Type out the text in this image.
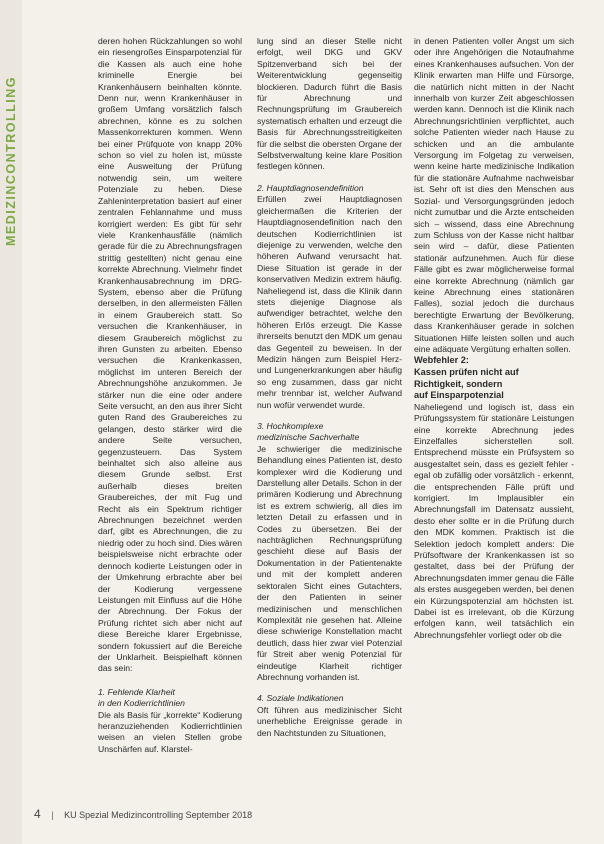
MEDIZINCONTROLLING

deren hohen Rückzahlungen so wohl ein riesengroßes Einsparpotenzial für die Kassen als auch eine hohe kriminelle Energie bei Krankenhäusern beinhalten könnte. Denn nur, wenn Krankenhäuser in großem Umfang vorsätzlich falsch abrechnen, könne es zu solchen Massenkorrekturen kommen. Wenn bei einer Prüfquote von knapp 20% schon so viel zu holen ist, müsste eine Ausweitung der Prüfung notwendig sein, um weitere Potenziale zu heben. Diese Zahleninterpretation basiert auf einer zentralen Fehlannahme und muss korrigiert werden: Es gibt für sehr viele Krankenhausfälle (nämlich gerade für die zu Abrechnungsfragen strittig gestellten) nicht genau eine korrekte Abrechnung. Vielmehr findet Krankenhausabrechnung im DRG-System, ebenso aber die Prüfung derselben, in den allermeisten Fällen in einem Graubereich statt. So versuchen die Krankenhäuser, in diesem Graubereich möglichst zu ihren Gunsten zu arbeiten. Ebenso versuchen die Krankenkassen, möglichst im unteren Bereich der Abrechnungshöhe anzukommen. Je stärker nun die eine oder andere Seite versucht, an den aus ihrer Sicht guten Rand des Graubereiches zu gelangen, desto stärker wird die andere Seite versuchen, gegenzusteuern. Das System beinhaltet sich also alleine aus diesem Grunde selbst. Erst außerhalb dieses breiten Graubereiches, der mit Fug und Recht als ein Spektrum richtiger Abrechnungen bezeichnet werden darf, gibt es Abrechnungen, die zu niedrig oder zu hoch sind. Dies wären beispielsweise nicht erbrachte oder dennoch kodierte Leistungen oder in der Umkehrung erbrachte aber bei der Kodierung vergessene Leistungen mit Einfluss auf die Höhe der Abrechnung. Der Fokus der Prüfung richtet sich aber nicht auf diese Bereiche klarer Ergebnisse, sondern fokussiert auf die Bereiche der Unklarheit. Beispielhaft können das sein:

1. Fehlende Klarheit
in den Kodierrichtlinien

Die als Basis für „korrekte“ Kodierung heranzuziehenden Kodierrichtlinien weisen an vielen Stellen grobe Unschärfen auf. Klarstel-

lung sind an dieser Stelle nicht erfolgt, weil DKG und GKV Spitzenverband sich bei der Weiterentwicklung gegenseitig blockieren. Dadurch führt die Basis für Abrechnung und Rechnungsprüfung im Graubereich systematisch erhalten und erzeugt die Basis für Abrechnungsstreitigkeiten für die selbst die obersten Organe der Selbstverwaltung keine klare Position festlegen können.

2. Hauptdiagnosendefinition

Erfüllen zwei Hauptdiagnosen gleichermaßen die Kriterien der Hauptdiagnosendefinition nach den deutschen Kodierrichtlinien ist diejenige zu verwenden, welche den höheren Aufwand verursacht hat. Diese Situation ist gerade in der konservativen Medizin extrem häufig. Naheliegend ist, dass die Klinik dann stets diejenige Diagnose als aufwendiger betrachtet, welche den höheren Erlös erzeugt. Die Kasse ihrerseits benutzt den MDK um genau das Gegenteil zu beweisen. In der Medizin hängen zum Beispiel Herz- und Lungenerkrankungen aber häufig so eng zusammen, dass gar nicht mehr trennbar ist, welcher Aufwand nun wofür verwendet wurde.

3. Hochkomplexe
medizinische Sachverhalte

Je schwieriger die medizinische Behandlung eines Patienten ist, desto komplexer wird die Kodierung und Darstellung aller Details. Schon in der primären Kodierung und Abrechnung ist es extrem schwierig, all dies im letzten Detail zu erfassen und in Codes zu übersetzen. Bei der nachträglichen Rechnungsprüfung geschieht diese auf Basis der Dokumentation in der Patientenakte und mit der komplett anderen sektoralen Sicht eines Gutachters, der den Patienten in seiner medizinischen und menschlichen Komplexität nie gesehen hat. Alleine diese schwierige Konstellation macht deutlich, dass hier zwar viel Potenzial für Streit aber wenig Potenzial für eindeutige Klarheit richtiger Abrechnung vorhanden ist.

4. Soziale Indikationen

Oft führen aus medizinischer Sicht unerhebliche Ereignisse gerade in den Nachtstunden zu Situationen,

in denen Patienten voller Angst um sich oder ihre Angehörigen die Notaufnahme eines Krankenhauses aufsuchen. Von der Klinik erwarten man Hilfe und Fürsorge, die natürlich nicht mitten in der Nacht innerhalb von kurzer Zeit abgeschlossen werden kann. Dennoch ist die Klinik nach Abrechnungsrichtlinien verpflichtet, auch solche Patienten wieder nach Hause zu schicken und an die ambulante Versorgung im Folgetag zu verweisen, wenn keine harte medizinische Indikation für die stationäre Aufnahme nachweisbar ist. Sehr oft ist dies den Menschen aus Sozial- und Versorgungsgründen jedoch nicht zumutbar und die Ärzte entscheiden sich – wissend, dass eine Abrechnung zum Schluss von der Kasse nicht haltbar sein wird – dafür, diese Patienten stationär aufzunehmen. Auch für diese Fälle gibt es zwar möglicherweise formal eine korrekte Abrechnung (nämlich gar keine Abrechnung eines stationären Falles), sozial jedoch die durchaus berechtigte Erwartung der Bevölkerung, dass Krankenhäuser gerade in solchen Situationen Hilfe leisten sollen und auch eine adäquate Vergütung erhalten sollen.

Webfehler 2:
Kassen prüfen nicht auf
Richtigkeit, sondern
auf Einsparpotenzial

Naheliegend und logisch ist, dass ein Prüfungssystem für stationäre Leistungen eine korrekte Abrechnung jedes Einzelfalles sicherstellen soll. Entsprechend müsste ein Prüfsystem so ausgestaltet sein, dass es gezielt fehler - egal ob zufällig oder vorsätzlich - erkennt, die entsprechenden Fälle prüft und korrigiert. Im Implausibler ein Abrechnungsfall im Datensatz aussieht, desto eher sollte er in die Prüfung durch den MDK kommen. Praktisch ist die Selektion jedoch komplett anders: Die Prüfsoftware der Krankenkassen ist so gestaltet, dass bei der Prüfung der Abrechnungsdaten immer genau die Fälle als erstes ausgegeben werden, bei denen ein Kürzungspotenzial am höchsten ist. Dabei ist es irrelevant, ob die Kürzung erfolgen kann, weil tatsächlich ein Abrechnungsfehler vorliegt oder ob die

4 | KU Spezial Medizincontrolling September 2018
